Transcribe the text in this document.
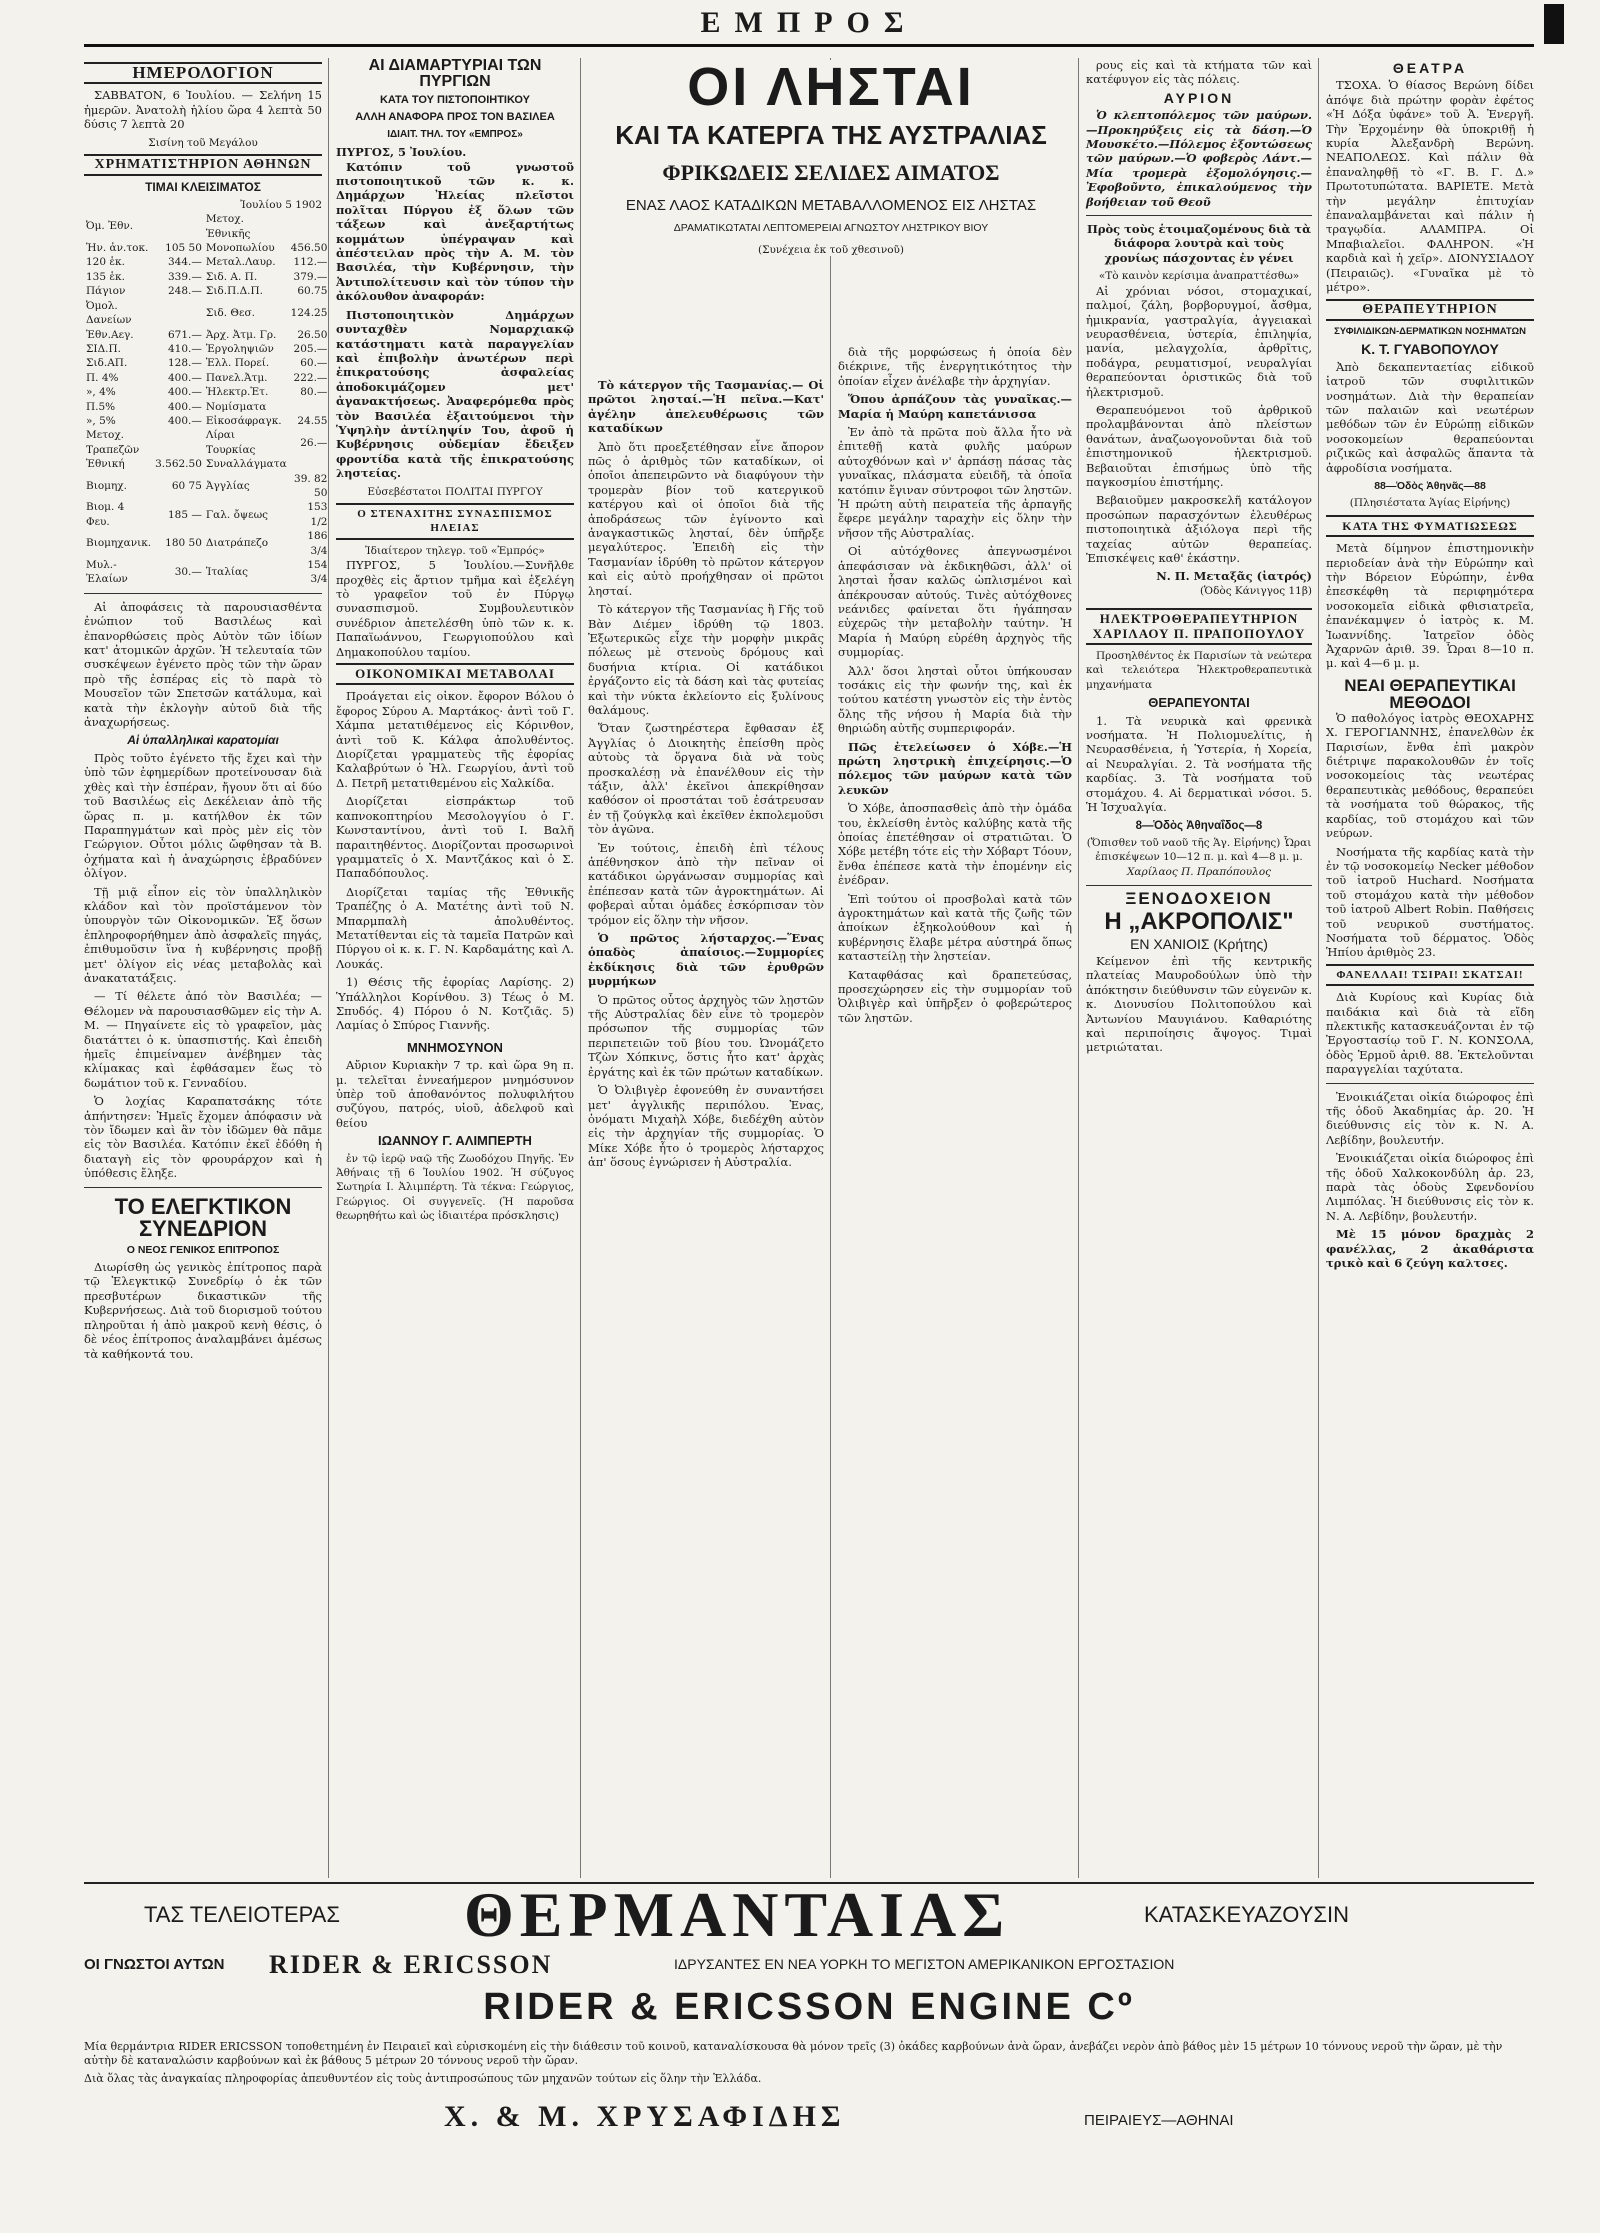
ΕΜΠΡΟΣ
ΗΜΕΡΟΛΟΓΙΟΝ

ΣΑΒΒΑΤΟΝ, 6 Ἰουλίου. — Σελήνη 15 ἡμερῶν. Ἀνατολὴ ἡλίου ὥρα 4 λεπτὰ 50 δύσις 7 λεπτὰ 20

Σισίνη τοῦ Μεγάλου
ΧΡΗΜΑΤΙΣΤΗΡΙΟΝ ΑΘΗΝΩΝ
ΤΙΜΑΙ ΚΛΕΙΣΙΜΑΤΟΣ
Ἰουλίου 5 1902
Ὀμ. Ἐθν.		Μετοχ. Ἐθνικῆς	
Ἠν. ἀν.τοκ.	105 50	Μονοπωλίου	456.50
120 ἑκ.	344.—	Μεταλ.Λαυρ.	112.—
135 ἑκ.	339.—	Σιδ. Α. Π.	379.—
Πάγιον	248.—	Σιδ.Π.Δ.Π.	60.75
Ὀμολ. Δανείων		Σιδ. Θεσ.	124.25
Ἐθν.Αεγ.	671.—	Ἀρχ. Ἀτμ. Γρ.	26.50
ΣΙΔ.Π.	410.—	Ἐργοληψιῶν	205.—
Σιδ.ΑΠ.	128.—	Ἑλλ. Πορεί.	60.—
Π. 4%	400.—	Πανελ.Ἀτμ.	222.—
», 4%	400.—	Ἠλεκτρ.Ἑτ.	80.—
Π.5%	400.—	Νομίσματα	
», 5%	400.—	Εἰκοσάφραγκ.	24.55
Μετοχ. Τραπεζῶν		Λίραι Τουρκίας	26.—
Ἐθνική	3.562.50	Συναλλάγματα	
Βιομηχ.	60 75	Ἀγγλίας	39. 82 50
Βιομ. 4 Φευ.	185 —	Γαλ. ὄψεως	153 1/2
Βιομηχανικ.	180 50	Διατράπεζο	186 3/4
Μυλ.-Ἐλαίων	30.—	Ἰταλίας	154 3/4

Αἱ ἀποφάσεις τὰ παρουσιασθέντα ἐνώπιον τοῦ Βασιλέως καὶ ἐπανορθώσεις πρὸς Αὐτὸν τῶν ἰδίων κατ' ἀτομικῶν ἀρχῶν. Ἡ τελευταία τῶν συσκέψεων ἐγένετο πρὸς τῶν τὴν ὥραν πρὸ τῆς ἐσπέρας εἰς τὸ παρὰ τὸ Μουσεῖον τῶν Σπετσῶν κατάλυμα, καὶ κατὰ τὴν ἐκλογὴν αὐτοῦ διὰ τῆς ἀναχωρήσεως.

Αἱ ὑπαλληλικαὶ καρατομίαι

Πρὸς τοῦτο ἐγένετο τῆς ἔχει καὶ τὴν ὑπὸ τῶν ἐφημερίδων προτείνουσαν διὰ χθὲς καὶ τὴν ἑσπέραν, ἤγουν ὅτι αἱ δύο τοῦ Βασιλέως εἰς Δεκέλειαν ἀπὸ τῆς ὥρας π. μ. κατήλθον ἐκ τῶν Παραπηγμάτων καὶ πρὸς μὲν εἰς τὸν Γεώργιον. Οὗτοι μόλις ὤφθησαν τὰ Β. ὀχήματα καὶ ἡ ἀναχώρησις ἐβραδύνεν ὀλίγον.

Τῇ μιᾷ εἶπον εἰς τὸν ὑπαλληλικὸν κλάδον καὶ τὸν προϊστάμενον τὸν ὑπουργὸν τῶν Οἰκονομικῶν. Ἐξ ὅσων ἐπληροφορήθημεν ἀπὸ ἀσφαλεῖς πηγάς, ἐπιθυμοῦσιν ἵνα ἡ κυβέρνησις προβῇ μετ' ὀλίγον εἰς νέας μεταβολὰς καὶ ἀνακατατάξεις.

— Τί θέλετε ἀπό τὸν Βασιλέα; — Θέλομεν νὰ παρουσιασθῶμεν εἰς τὴν Α. Μ. — Πηγαίνετε εἰς τὸ γραφεῖον, μὰς διατάττει ὁ κ. ὑπασπιστής. Καὶ ἐπειδὴ ἡμεῖς ἐπιμείναμεν ἀνέβημεν τὰς κλίμακας καὶ ἐφθάσαμεν ἕως τὸ δωμάτιον τοῦ κ. Γενναδίου.

Ὁ λοχίας Καραπατσάκης τότε ἀπήντησεν: Ἡμεῖς ἔχομεν ἀπόφασιν νὰ τὸν ἴδωμεν καὶ ἂν τὸν ἰδῶμεν θὰ πᾶμε εἰς τὸν Βασιλέα. Κατόπιν ἐκεῖ ἐδόθη ἡ διαταγὴ εἰς τὸν φρουράρχον καὶ ἡ ὑπόθεσις ἔληξε.

ΤΟ ΕΛΕΓΚΤΙΚΟΝ ΣΥΝΕΔΡΙΟΝ
Ο ΝΕΟΣ ΓΕΝΙΚΟΣ ΕΠΙΤΡΟΠΟΣ

Διωρίσθη ὡς γενικὸς ἐπίτροπος παρὰ τῷ Ἐλεγκτικῷ Συνεδρίῳ ὁ ἐκ τῶν πρεσβυτέρων δικαστικῶν τῆς Κυβερνήσεως. Διὰ τοῦ διορισμοῦ τούτου πληροῦται ἡ ἀπὸ μακροῦ κενὴ θέσις, ὁ δὲ νέος ἐπίτροπος ἀναλαμβάνει ἀμέσως τὰ καθήκοντά του.

ΑΙ ΔΙΑΜΑΡΤΥΡΙΑΙ ΤΩΝ ΠΥΡΓΙΩΝ
ΚΑΤΑ ΤΟΥ ΠΙΣΤΟΠΟΙΗΤΙΚΟΥ
ΑΛΛΗ ΑΝΑΦΟΡΑ ΠΡΟΣ ΤΟΝ ΒΑΣΙΛΕΑ
ΙΔΙΑΙΤ. ΤΗΛ. ΤΟΥ «ΕΜΠΡΟΣ»
ΠΥΡΓΟΣ, 5 Ἰουλίου.

Κατόπιν τοῦ γνωστοῦ πιστοποιητικοῦ τῶν κ. κ. Δημάρχων Ἠλείας πλεῖστοι πολῖται Πύργου ἐξ ὅλων τῶν τάξεων καὶ ἀνεξαρτήτως κομμάτων ὑπέγραψαν καὶ ἀπέστειλαν πρὸς τὴν Α. Μ. τὸν Βασιλέα, τὴν Κυβέρνησιν, τὴν Ἀντιπολίτευσιν καὶ τὸν τύπον τὴν ἀκόλουθον ἀναφοράν:

Πιστοποιητικὸν Δημάρχων συνταχθὲν Νομαρχιακῷ κατάστηματι κατὰ παραγγελίαν καὶ ἐπιβολὴν ἀνωτέρων περὶ ἐπικρατούσης ἀσφαλείας ἀποδοκιμάζομεν μετ' ἀγανακτήσεως. Ἀναφερόμεθα πρὸς τὸν Βασιλέα ἐξαιτούμενοι τὴν Ὑψηλὴν ἀντίληψίν Του, ἀφοῦ ἡ Κυβέρνησις οὐδεμίαν ἔδειξεν φροντίδα κατὰ τῆς ἐπικρατούσης ληστείας.

Εὐσεβέστατοι ΠΟΛΙΤΑΙ ΠΥΡΓΟΥ
Ο ΣΤΕΝΑΧΙΤΗΣ ΣΥΝΑΣΠΙΣΜΟΣ ΗΛΕΙΑΣ
Ἰδιαίτερον τηλεγρ. τοῦ «Ἐμπρός»

ΠΥΡΓΟΣ, 5 Ἰουλίου.—Συνῆλθε προχθὲς εἰς ἄρτιον τμῆμα καὶ ἐξελέγη τὸ γραφεῖον τοῦ ἐν Πύργῳ συνασπισμοῦ. Συμβουλευτικὸν συνέδριον ἀπετελέσθη ὑπὸ τῶν κ. κ. Παπαϊωάννου, Γεωργιοπούλου καὶ Δημακοπούλου ταμίου.

ΟΙΚΟΝΟΜΙΚΑΙ ΜΕΤΑΒΟΛΑΙ

Προάγεται εἰς οἰκον. ἔφορον Βόλου ὁ ἔφορος Σύρου Α. Μαρτάκος· ἀντὶ τοῦ Γ. Χάμπα μετατιθέμενος εἰς Κόρινθον, ἀντὶ τοῦ Κ. Κάλφα ἀπολυθέντος. Διορίζεται γραμματεὺς τῆς ἐφορίας Καλαβρύτων ὁ Ἠλ. Γεωργίου, ἀντὶ τοῦ Δ. Πετρῆ μετατιθεμένου εἰς Χαλκίδα.

Διορίζεται εἰσπράκτωρ τοῦ καπνοκοπτηρίου Μεσολογγίου ὁ Γ. Κωνσταντίνου, ἀντὶ τοῦ Ι. Βαλῆ παραιτηθέντος. Διορίζονται προσωρινοὶ γραμματεῖς ὁ Χ. Μαντζάκος καὶ ὁ Σ. Παπαδόπουλος.

Διορίζεται ταμίας τῆς Ἐθνικῆς Τραπέζης ὁ Α. Ματέτης ἀντὶ τοῦ Ν. Μπαρμπαλὴ ἀπολυθέντος. Μετατίθενται εἰς τὰ ταμεῖα Πατρῶν καὶ Πύργου οἱ κ. κ. Γ. Ν. Καρδαμάτης καὶ Λ. Λουκάς.

1) Θέσις τῆς ἐφορίας Λαρίσης. 2) Ὑπάλληλοι Κορίνθου. 3) Τέως ὁ Μ. Σπυδός. 4) Πόρου ὁ Ν. Κοτζιᾶς. 5) Λαμίας ὁ Σπύρος Γιαννῆς.

ΜΝΗΜΟΣΥΝΟΝ

Αὔριον Κυριακὴν 7 τρ. καὶ ὥρα 9η π. μ. τελεῖται ἐννεαήμερον μνημόσυνον ὑπὲρ τοῦ ἀποθανόντος πολυφιλήτου συζύγου, πατρός, υἱοῦ, ἀδελφοῦ καὶ θείου

ΙΩΑΝΝΟΥ Γ. ΑΛΙΜΠΕΡΤΗ

ἐν τῷ ἱερῷ ναῷ τῆς Ζωοδόχου Πηγῆς. Ἐν Ἀθήναις τῇ 6 Ἰουλίου 1902. Ἡ σύζυγος Σωτηρία Ι. Ἀλιμπέρτη. Τὰ τέκνα: Γεώργιος, Γεώργιος. Οἱ συγγενεῖς. (Ἡ παροῦσα θεωρηθήτω καὶ ὡς ἰδιαιτέρα πρόσκλησις)

Τὸ κάτεργον τῆς Τασμανίας.— Οἱ πρῶτοι λησταί.—Ἡ πεῖνα.—Κατ' ἀγέλην ἀπελευθέρωσις τῶν καταδίκων

Ἀπὸ ὅτι προεξετέθησαν εἶνε ἄπορον πῶς ὁ ἀριθμὸς τῶν καταδίκων, οἱ ὁποῖοι ἀπεπειρῶντο νὰ διαφύγουν τὴν τρομερὰν βίον τοῦ κατεργικοῦ κατέργου καὶ οἱ ὁποῖοι διὰ τῆς ἀποδράσεως τῶν ἐγίνοντο καὶ ἀναγκαστικῶς λησταί, δὲν ὑπῆρξε μεγαλύτερος. Ἐπειδὴ εἰς τὴν Τασμανίαν ἱδρύθη τὸ πρῶτον κάτεργον καὶ εἰς αὐτὸ προήχθησαν οἱ πρῶτοι λησταί.

Τὸ κάτεργον τῆς Τασμανίας ἢ Γῆς τοῦ Βὰν Διέμεν ἱδρύθη τῷ 1803. Ἐξωτερικῶς εἶχε τὴν μορφὴν μικρᾶς πόλεως μὲ στενοὺς δρόμους καὶ δυσήνια κτίρια. Οἱ κατάδικοι ἐργάζοντο εἰς τὰ δάση καὶ τὰς φυτείας καὶ τὴν νύκτα ἐκλείοντο εἰς ξυλίνους θαλάμους.

Ὅταν ζωστηρέστερα ἔφθασαν ἐξ Ἀγγλίας ὁ Διοικητὴς ἐπείσθη πρὸς αὐτοὺς τὰ ὅργανα διὰ νὰ τοὺς προσκαλέσῃ νὰ ἐπανέλθουν εἰς τὴν τάξιν, ἀλλ' ἐκεῖνοι ἀπεκρίθησαν καθόσον οἱ προστάται τοῦ ἐσάτρευσαν ἐν τῇ ζούγκλᾳ καὶ ἐκεῖθεν ἐκπολεμοῦσι τὸν ἀγῶνα.

Ἐν τούτοις, ἐπειδὴ ἐπὶ τέλους ἀπέθνησκον ἀπὸ τὴν πεῖναν οἱ κατάδικοι ὠργάνωσαν συμμορίας καὶ ἐπέπεσαν κατὰ τῶν ἀγροκτημάτων. Αἱ φοβεραὶ αὗται ὁμάδες ἐσκόρπισαν τὸν τρόμον εἰς ὅλην τὴν νῆσον.

Ὁ πρῶτος λήσταρχος.—Ἕνας ὁπαδὸς ἀπαίσιος.—Συμμορίες ἐκδίκησις διὰ τῶν ἐρυθρῶν μυρμήκων

Ὁ πρῶτος οὗτος ἀρχηγὸς τῶν λῃστῶν τῆς Αὐστραλίας δὲν εἶνε τὸ τρομερὸν πρόσωπον τῆς συμμορίας τῶν περιπετειῶν τοῦ βίου του. Ὠνομάζετο Τζὼν Χόπκινς, ὅστις ἦτο κατ' ἀρχὰς ἐργάτης καὶ ἐκ τῶν πρώτων καταδίκων.

Ὁ Ὀλιβιγὲρ ἐφονεύθη ἐν συναντήσει μετ' ἀγγλικῆς περιπόλου. Ἑνας, ὀνόματι Μιχαὴλ Χόβε, διεδέχθη αὐτὸν εἰς τὴν ἀρχηγίαν τῆς συμμορίας. Ὁ Μίκε Χόβε ἦτο ὁ τρομερὸς λήσταρχος ἀπ' ὅσους ἐγνώρισεν ἡ Αὐστραλία.

ΟΙ ΛΗΣΤΑΙ
ΚΑΙ ΤΑ ΚΑΤΕΡΓΑ ΤΗΣ ΑΥΣΤΡΑΛΙΑΣ
ΦΡΙΚΩΔΕΙΣ ΣΕΛΙΔΕΣ ΑΙΜΑΤΟΣ
ΕΝΑΣ ΛΑΟΣ ΚΑΤΑΔΙΚΩΝ ΜΕΤΑΒΑΛΛΟΜΕΝΟΣ ΕΙΣ ΛΗΣΤΑΣ
ΔΡΑΜΑΤΙΚΩΤΑΤΑΙ ΛΕΠΤΟΜΕΡΕΙΑΙ ΑΓΝΩΣΤΟΥ ΛΗΣΤΡΙΚΟΥ ΒΙΟΥ
(Συνέχεια ἐκ τοῦ χθεσινοῦ)

διὰ τῆς μορφώσεως ἡ ὁποία δὲν διέκρινε, τῆς ἐνεργητικότητος τὴν ὁποίαν εἶχεν ἀνέλαβε τὴν ἀρχηγίαν.

Ὅπου ἀρπάζουν τὰς γυναῖκας.—Μαρία ἡ Μαύρη καπετάνισσα

Ἐν ἀπὸ τὰ πρῶτα ποὺ ἄλλα ἦτο νὰ ἐπιτεθῇ κατὰ φυλῆς μαύρων αὐτοχθόνων καὶ ν' ἀρπάσῃ πάσας τὰς γυναῖκας, πλάσματα εὐειδῆ, τὰ ὁποῖα κατόπιν ἔγιναν σύντροφοι τῶν ληστῶν. Ἡ πρώτη αὐτὴ πειρατεία τῆς ἀρπαγῆς ἔφερε μεγάλην ταραχὴν εἰς ὅλην τὴν νῆσον τῆς Αὐστραλίας.

Οἱ αὐτόχθονες ἀπεγνωσμένοι ἀπεφάσισαν νὰ ἐκδικηθῶσι, ἀλλ' οἱ λησταὶ ἦσαν καλῶς ὡπλισμένοι καὶ ἀπέκρουσαν αὐτούς. Τινὲς αὐτόχθονες νεάνιδες φαίνεται ὅτι ἠγάπησαν εὐχερῶς τὴν μεταβολὴν ταύτην. Ἡ Μαρία ἡ Μαύρη εὑρέθη ἀρχηγὸς τῆς συμμορίας.

Ἀλλ' ὅσοι λησταὶ οὗτοι ὑπήκουσαν τοσάκις εἰς τὴν φωνήν της, καὶ ἐκ τούτου κατέστη γνωστὸν εἰς τὴν ἐντὸς ὄλης τῆς νήσου ἡ Μαρία διὰ τὴν θηριώδη αὐτῆς συμπεριφοράν.

Πῶς ἐτελείωσεν ὁ Χόβε.—Ἡ πρώτη ληστρικὴ ἐπιχείρησις.—Ὁ πόλεμος τῶν μαύρων κατὰ τῶν λευκῶν

Ὁ Χόβε, ἀποσπασθεὶς ἀπὸ τὴν ὁμάδα του, ἐκλείσθη ἐντὸς καλύβης κατὰ τῆς ὁποίας ἐπετέθησαν οἱ στρατιῶται. Ὁ Χόβε μετέβη τότε εἰς τὴν Χόβαρτ Τόουν, ἔνθα ἐπέπεσε κατὰ τὴν ἐπομένην εἰς ἐνέδραν.

Ἐπὶ τούτου οἱ προσβολαὶ κατὰ τῶν ἀγροκτημάτων καὶ κατὰ τῆς ζωῆς τῶν ἀποίκων ἐξηκολούθουν καὶ ἡ κυβέρνησις ἔλαβε μέτρα αὐστηρά ὅπως καταστείλῃ τὴν ληστείαν.

Καταφθάσας καὶ δραπετεύσας, προσεχώρησεν εἰς τὴν συμμορίαν τοῦ Ὀλιβιγὲρ καὶ ὑπῆρξεν ὁ φοβερώτερος τῶν ληστῶν.

ρους εἰς καὶ τὰ κτήματα τῶν καὶ κατέφυγον εἰς τὰς πόλεις.

ΑΥΡΙΟΝ

Ὁ κλεπτοπόλεμος τῶν μαύρων.—Προκηρύξεις εἰς τὰ δάση.—Ὁ Μουσκέτο.—Πόλεμος ἐξοντώσεως τῶν μαύρων.—Ὁ φοβερὸς Λάντ.—Μία τρομερὰ ἐξομολόγησις.—Ἐφοβοῦντο, ἐπικαλούμενος τὴν βοήθειαν τοῦ Θεοῦ

Πρὸς τοὺς ἑτοιμαζομένους διὰ τὰ διάφορα λουτρὰ καὶ τοὺς χρονίως πάσχοντας ἐν γένει

«Τὸ καινὸν κερίσιμα ἀναπραττέσθω»

Αἱ χρόνιαι νόσοι, στομαχικαί, παλμοί, ζάλη, βορβορυγμοί, ἄσθμα, ἡμικρανία, γαστραλγία, ἀγγειακαὶ νευρασθένεια, ὑστερία, ἐπιληψία, μανία, μελαγχολία, ἀρθρῖτις, ποδάγρα, ρευματισμοί, νευραλγίαι θεραπεύονται ὁριστικῶς διὰ τοῦ ἠλεκτρισμοῦ.

Θεραπευόμενοι τοῦ ἀρθρικοῦ προλαμβάνονται ἀπὸ πλείστων θανάτων, ἀναζωογονοῦνται διὰ τοῦ ἐπιστημονικοῦ ἠλεκτρισμοῦ. Βεβαιοῦται ἐπισήμως ὑπὸ τῆς παγκοσμίου ἐπιστήμης.

Βεβαιοῦμεν μακροσκελῆ κατάλογον προσώπων παρασχόντων ἐλευθέρως πιστοποιητικὰ ἀξιόλογα περὶ τῆς ταχείας αὐτῶν θεραπείας. Ἐπισκέψεις καθ' ἑκάστην.

Ν. Π. Μεταξᾶς (ἰατρός)
(Ὁδὸς Κάνιγγος 11β)
ΗΛΕΚΤΡΟΘΕΡΑΠΕΥΤΗΡΙΟΝ ΧΑΡΙΛΑΟΥ Π. ΠΡΑΠΟΠΟΥΛΟΥ

Προσηλθέντος ἐκ Παρισίων τὰ νεώτερα καὶ τελειότερα Ἠλεκτροθεραπευτικὰ μηχανήματα

ΘΕΡΑΠΕΥΟΝΤΑΙ

1. Τὰ νευρικὰ καὶ φρενικὰ νοσήματα. Ἡ Πολιομυελίτις, ἡ Νευρασθένεια, ἡ Ὑστερία, ἡ Χορεία, αἱ Νευραλγίαι. 2. Τὰ νοσήματα τῆς καρδίας. 3. Τὰ νοσήματα τοῦ στομάχου. 4. Αἱ δερματικαὶ νόσοι. 5. Ἡ Ἰσχυαλγία.

8—Ὁδὸς Ἀθηναΐδος—8
(Ὄπισθεν τοῦ ναοῦ τῆς Ἁγ. Εἰρήνης) Ὧραι ἐπισκέψεων 10—12 π. μ. καὶ 4—8 μ. μ.
Χαρίλαος Π. Πραπόπουλος
ΞΕΝΟΔΟΧΕΙΟΝ
Η „ΑΚΡΟΠΟΛΙΣ"
ΕΝ ΧΑΝΙΟΙΣ (Κρήτης)

Κείμενον ἐπὶ τῆς κεντρικῆς πλατείας Μαυροδούλων ὑπὸ τὴν ἀπόκτησιν διεύθυνσιν τῶν εὐγενῶν κ. κ. Διονυσίου Πολιτοπούλου καὶ Ἀντωνίου Μαυγιάνου. Καθαριότης καὶ περιποίησις ἄψογος. Τιμαὶ μετριώταται.

ΘΕΑΤΡΑ

ΤΣΟΧΑ. Ὁ θίασος Βερώνη δίδει ἀπόψε διὰ πρώτην φορὰν ἐφέτος «Ἡ Δόξα ὑφάνε» τοῦ Ἀ. Ἐνεργῆ. Τὴν Ἐρχομένην θὰ ὑποκριθῇ ἡ κυρία Ἀλεξανδρὴ Βερώνη. ΝΕΑΠΟΛΕΩΣ. Καὶ πάλιν θὰ ἐπαναληφθῇ τὸ «Γ. Β. Γ. Δ.» Πρωτοτυπώτατα. ΒΑΡΙΕΤΕ. Μετὰ τὴν μεγάλην ἐπιτυχίαν ἐπαναλαμβάνεται καὶ πάλιν ἡ τραγῳδία. ΑΛΑΜΠΡΑ. Οἱ Μπαβιαλεῖοι. ΦΑΛΗΡΟΝ. «Ἡ καρδιὰ καὶ ἡ χεῖρ». ΔΙΟΝΥΣΙΑΔΟΥ (Πειραιῶς). «Γυναῖκα μὲ τὸ μέτρο».

ΘΕΡΑΠΕΥΤΗΡΙΟΝ
ΣΥΦΙΛΙΔΙΚΩΝ-ΔΕΡΜΑΤΙΚΩΝ ΝΟΣΗΜΑΤΩΝ
Κ. Τ. ΓΥΑΒΟΠΟΥΛΟΥ

Ἀπὸ δεκαπενταετίας εἰδικοῦ ἰατροῦ τῶν συφιλιτικῶν νοσημάτων. Διὰ τὴν θεραπείαν τῶν παλαιῶν καὶ νεωτέρων μεθόδων τῶν ἐν Εὐρώπῃ εἰδικῶν νοσοκομείων θεραπεύονται ριζικῶς καὶ ἀσφαλῶς ἅπαντα τὰ ἀφροδίσια νοσήματα.

88—Ὁδὸς Ἀθηνᾶς—88
(Πλησιέστατα Ἁγίας Εἰρήνης)
ΚΑΤΑ ΤΗΣ ΦΥΜΑΤΙΩΣΕΩΣ

Μετὰ δίμηνον ἐπιστημονικὴν περιοδείαν ἀνὰ τὴν Εὐρώπην καὶ τὴν Βόρειον Εὐρώπην, ἐνθα ἐπεσκέφθη τὰ περιφημότερα νοσοκομεῖα εἰδικὰ φθισιατρεῖα, ἐπανέκαμψεν ὁ ἰατρὸς κ. Μ. Ἰωαννίδης. Ἰατρεῖον ὁδὸς Ἀχαρνῶν ἀριθ. 39. Ὧραι 8—10 π. μ. καὶ 4—6 μ. μ.

ΝΕΑΙ ΘΕΡΑΠΕΥΤΙΚΑΙ ΜΕΘΟΔΟΙ

Ὁ παθολόγος ἰατρὸς ΘΕΟΧΑΡΗΣ Χ. ΓΕΡΟΓΙΑΝΝΗΣ, ἐπανελθὼν ἐκ Παρισίων, ἔνθα ἐπὶ μακρὸν διέτριψε παρακολουθῶν ἐν τοῖς νοσοκομείοις τὰς νεωτέρας θεραπευτικὰς μεθόδους, θεραπεύει τὰ νοσήματα τοῦ θώρακος, τῆς καρδίας, τοῦ στομάχου καὶ τῶν νεύρων.

Νοσήματα τῆς καρδίας κατὰ τὴν ἐν τῷ νοσοκομείῳ Necker μέθοδον τοῦ ἰατροῦ Huchard. Νοσήματα τοῦ στομάχου κατὰ τὴν μέθοδον τοῦ ἰατροῦ Albert Robin. Παθήσεις τοῦ νευρικοῦ συστήματος. Νοσήματα τοῦ δέρματος. Ὁδὸς Ἡπίου ἀριθμὸς 23.

ΦΑΝΕΛΛΑΙ! ΤΣΙΡΑΙ! ΣΚΑΤΣΑΙ!

Διὰ Κυρίους καὶ Κυρίας διὰ παιδάκια καὶ διὰ τὰ εἴδη πλεκτικῆς κατασκευάζονται ἐν τῷ Ἐργοστασίῳ τοῦ Γ. Ν. ΚΟΝΣΟΛΑ, ὁδὸς Ἑρμοῦ ἀριθ. 88. Ἐκτελοῦνται παραγγελίαι ταχύτατα.

Ἐνοικιάζεται οἰκία διώροφος ἐπὶ τῆς ὁδοῦ Ἀκαδημίας ἀρ. 20. Ἡ διεύθυνσις εἰς τὸν κ. Ν. Α. Λεβίδην, βουλευτήν.

Ἐνοικιάζεται οἰκία διώροφος ἐπὶ τῆς ὁδοῦ Χαλκοκονδύλη ἀρ. 23, παρὰ τὰς ὁδοὺς Σφενδονίου Λιμπόλας. Ἡ διεύθυνσις εἰς τὸν κ. Ν. Α. Λεβίδην, βουλευτήν.

Μὲ 15 μόνον δραχμὰς 2 φανέλλας, 2 ἀκαθάριστα τρικὸ καὶ 6 ζεύγη καλτσες.

ΤΑΣ ΤΕΛΕΙΟΤΕΡΑΣ ΘΕΡΜΑΝΤΑΙΑΣ	ΚΑΤΑΣΚΕΥΑΖΟΥΣΙΝ
ΟΙ ΓΝΩΣΤΟΙ ΑΥΤΩΝ RIDER & ERICSSON	ΙΔΡΥΣΑΝΤΕΣ ΕΝ ΝΕΑ ΥΟΡΚΗ ΤΟ ΜΕΓΙΣΤΟΝ ΑΜΕΡΙΚΑΝΙΚΟΝ ΕΡΓΟΣΤΑΣΙΟΝ
RIDER & ERICSSON ENGINE Cº
Μία θερμάντρια RIDER ERICSSON τοποθετημένη ἐν Πειραιεῖ καὶ εὑρισκομένη εἰς τὴν διάθεσιν τοῦ κοινοῦ, καταναλίσκουσα θὰ μόνον τρεῖς (3) ὀκάδες καρβούνων ἀνὰ ὥραν, ἀνεβάζει νερὸν ἀπὸ βάθος μὲν 15 μέτρων 10 τόννους νεροῦ τὴν ὥραν, μὲ τὴν αὐτὴν δὲ καταναλώσιν καρβούνων καὶ ἐκ βάθους 5 μέτρων 20 τόννους νεροῦ τὴν ὥραν.
Διὰ ὅλας τὰς ἀναγκαίας πληροφορίας ἀπευθυντέον εἰς τοὺς ἀντιπροσώπους τῶν μηχανῶν τούτων εἰς ὅλην τὴν Ἑλλάδα.
Χ. & Μ. ΧΡΥΣΑΦΙΔΗΣ	ΠΕΙΡΑΙΕΥΣ—ΑΘΗΝΑΙ
